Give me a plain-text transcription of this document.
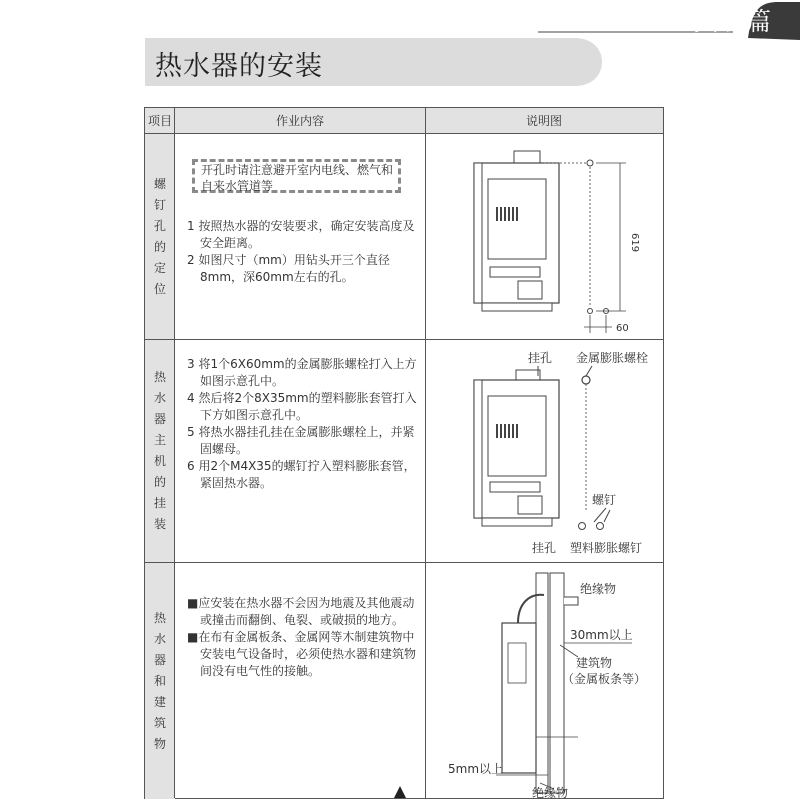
安装篇
热水器的安装
项目	作业内容	说明图
螺钉孔的定位
热水器主机的挂装
热水器和建筑物
开孔时请注意避开室内电线、燃气和自来水管道等
1 按照热水器的安装要求，确定安装高度及安全距离。
2 如图尺寸（mm）用钻头开三个直径8mm，深60mm左右的孔。
3 将1个6X60mm的金属膨胀螺栓打入上方如图示意孔中。
4 然后将2个8X35mm的塑料膨胀套管打入下方如图示意孔中。
5 将热水器挂孔挂在金属膨胀螺栓上，并紧固螺母。
6 用2个M4X35的螺钉拧入塑料膨胀套管，紧固热水器。
■应安装在热水器不会因为地震及其他震动或撞击而翻倒、龟裂、或破损的地方。
■在布有金属板条、金属网等木制建筑物中安装电气设备时，必须使热水器和建筑物间没有电气性的接触。
619
60
挂孔 金属膨胀螺栓
螺钉
挂孔 塑料膨胀螺钉
绝缘物
30mm以上
建筑物
（金属板条等）
5mm以上
绝缘物
